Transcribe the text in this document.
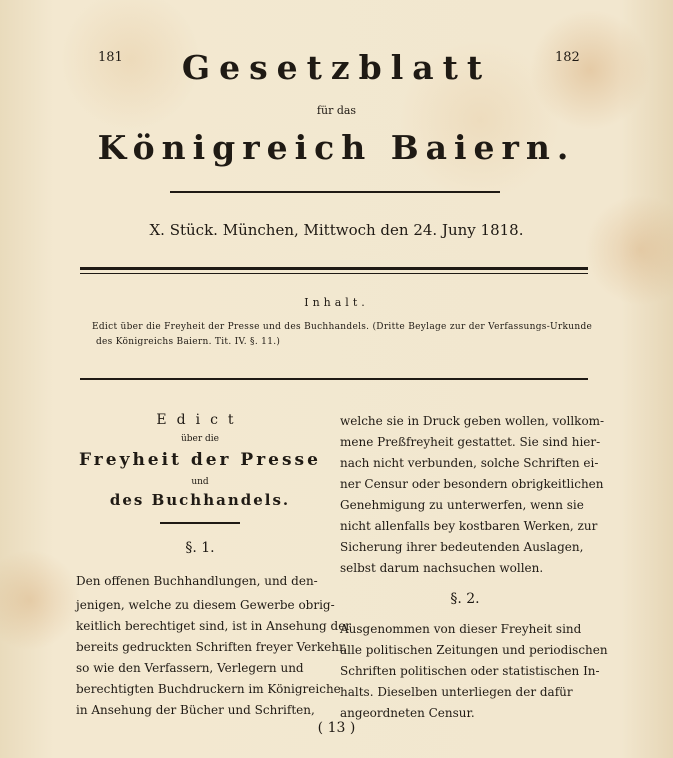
181	182
Gesetzblatt
für das
Königreich Baiern.
X. Stück. München, Mittwoch den 24. Juny 1818.
Inhalt.
Edict über die Freyheit der Presse und des Buchhandels. (Dritte Beylage zur der Verfassungs-Urkunde
des Königreichs Baiern. Tit. IV. §. 11.)
Edict
über die
Freyheit der Presse
und
des Buchhandels.
§. 1.
Den offenen Buchhandlungen, und den-
jenigen, welche zu diesem Gewerbe obrig-
keitlich berechtiget sind, ist in Ansehung der
bereits gedruckten Schriften freyer Verkehr,
so wie den Verfassern, Verlegern und
berechtigten Buchdruckern im Königreiche
in Ansehung der Bücher und Schriften,
welche sie in Druck geben wollen, vollkom-
mene Preßfreyheit gestattet. Sie sind hier-
nach nicht verbunden, solche Schriften ei-
ner Censur oder besondern obrigkeitlichen
Genehmigung zu unterwerfen, wenn sie
nicht allenfalls bey kostbaren Werken, zur
Sicherung ihrer bedeutenden Auslagen,
selbst darum nachsuchen wollen.
§. 2.
Ausgenommen von dieser Freyheit sind
alle politischen Zeitungen und periodischen
Schriften politischen oder statistischen In-
halts. Dieselben unterliegen der dafür
angeordneten Censur.
( 13 )
